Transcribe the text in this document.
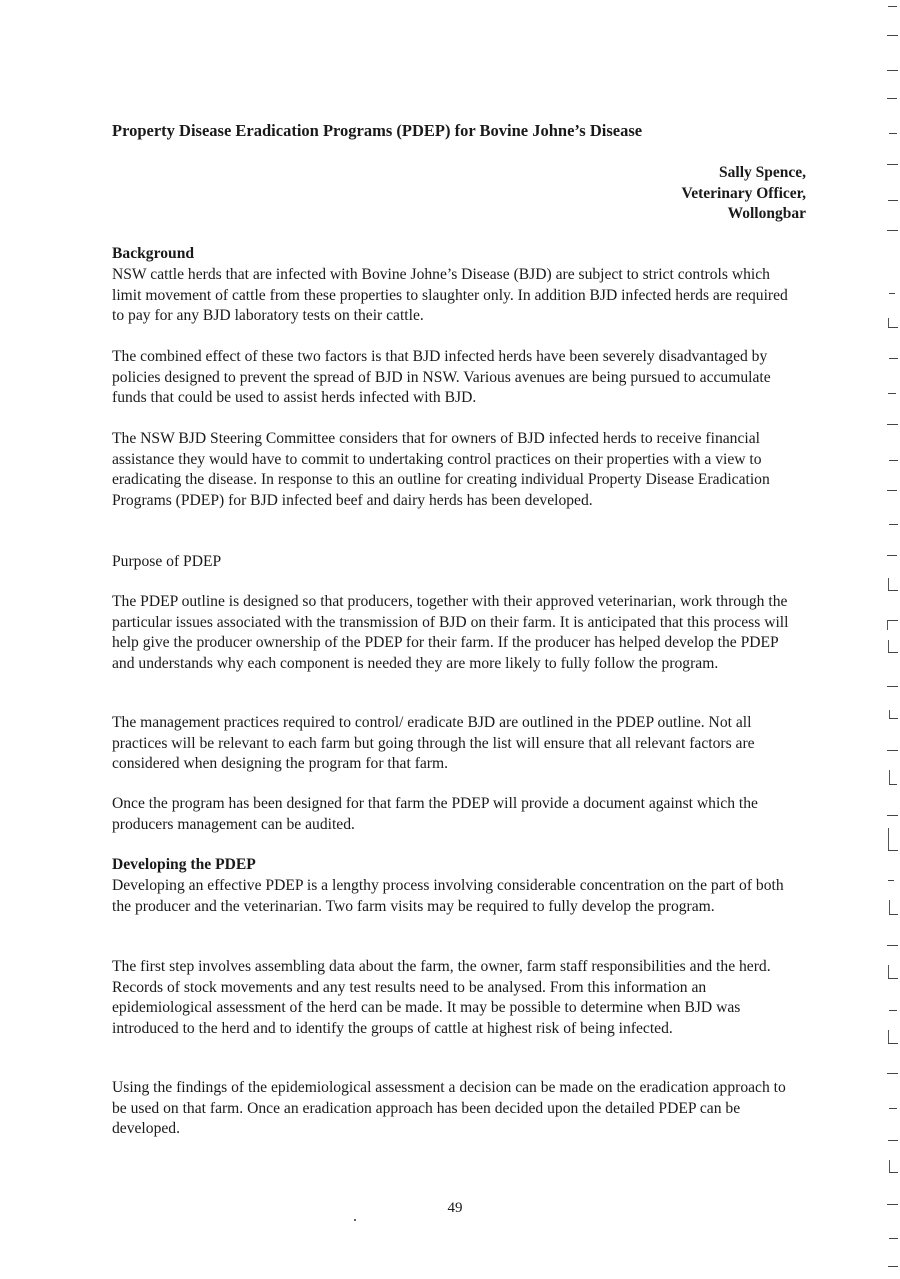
Property Disease Eradication Programs (PDEP) for Bovine Johne’s Disease
Sally Spence,
Veterinary Officer,
Wollongbar
Background

NSW cattle herds that are infected with Bovine Johne’s Disease (BJD) are subject to strict controls which limit movement of cattle from these properties to slaughter only. In addition BJD infected herds are required to pay for any BJD laboratory tests on their cattle.

The combined effect of these two factors is that BJD infected herds have been severely disadvantaged by policies designed to prevent the spread of BJD in NSW. Various avenues are being pursued to accumulate funds that could be used to assist herds infected with BJD.

The NSW BJD Steering Committee considers that for owners of BJD infected herds to receive financial assistance they would have to commit to undertaking control practices on their properties with a view to eradicating the disease. In response to this an outline for creating individual Property Disease Eradication Programs (PDEP) for BJD infected beef and dairy herds has been developed.

Purpose of PDEP

The PDEP outline is designed so that producers, together with their approved veterinarian, work through the particular issues associated with the transmission of BJD on their farm. It is anticipated that this process will help give the producer ownership of the PDEP for their farm. If the producer has helped develop the PDEP and understands why each component is needed they are more likely to fully follow the program.

The management practices required to control/ eradicate BJD are outlined in the PDEP outline. Not all practices will be relevant to each farm but going through the list will ensure that all relevant factors are considered when designing the program for that farm.

Once the program has been designed for that farm the PDEP will provide a document against which the producers management can be audited.

Developing the PDEP

Developing an effective PDEP is a lengthy process involving considerable concentration on the part of both the producer and the veterinarian. Two farm visits may be required to fully develop the program.

The first step involves assembling data about the farm, the owner, farm staff responsibilities and the herd. Records of stock movements and any test results need to be analysed. From this information an epidemiological assessment of the herd can be made. It may be possible to determine when BJD was introduced to the herd and to identify the groups of cattle at highest risk of being infected.

Using the findings of the epidemiological assessment a decision can be made on the eradication approach to be used on that farm. Once an eradication approach has been decided upon the detailed PDEP can be developed.

49
